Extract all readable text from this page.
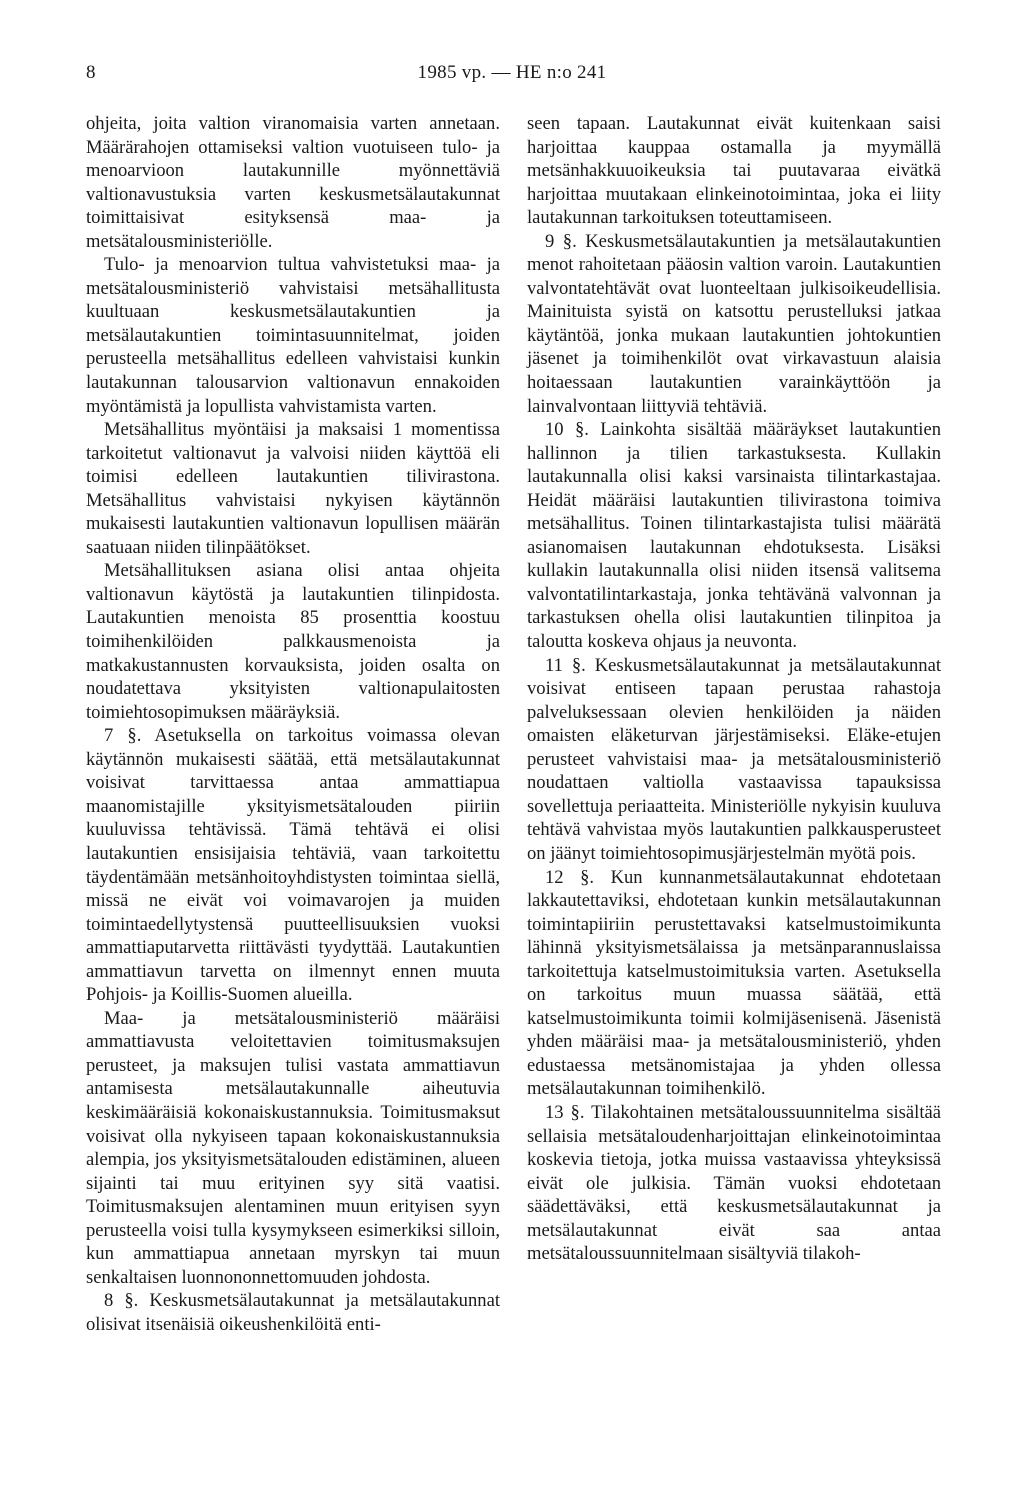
8	1985 vp. — HE n:o 241

ohjeita, joita valtion viranomaisia varten annetaan. Määrärahojen ottamiseksi valtion vuotuiseen tulo- ja menoarvioon lautakunnille myönnettäviä valtionavustuksia varten keskusmetsälautakunnat toimittaisivat esityksensä maa- ja metsätalousministeriölle.

Tulo- ja menoarvion tultua vahvistetuksi maa- ja metsätalousministeriö vahvistaisi metsähallitusta kuultuaan keskusmetsälautakuntien ja metsälautakuntien toimintasuunnitelmat, joiden perusteella metsähallitus edelleen vahvistaisi kunkin lautakunnan talousarvion valtionavun ennakoiden myöntämistä ja lopullista vahvistamista varten.

Metsähallitus myöntäisi ja maksaisi 1 momentissa tarkoitetut valtionavut ja valvoisi niiden käyttöä eli toimisi edelleen lautakuntien tilivirastona. Metsähallitus vahvistaisi nykyisen käytännön mukaisesti lautakuntien valtionavun lopullisen määrän saatuaan niiden tilinpäätökset.

Metsähallituksen asiana olisi antaa ohjeita valtionavun käytöstä ja lautakuntien tilinpidosta. Lautakuntien menoista 85 prosenttia koostuu toimihenkilöiden palkkausmenoista ja matkakustannusten korvauksista, joiden osalta on noudatettava yksityisten valtionapulaitosten toimiehtosopimuksen määräyksiä.

7 §. Asetuksella on tarkoitus voimassa olevan käytännön mukaisesti säätää, että metsälautakunnat voisivat tarvittaessa antaa ammattiapua maanomistajille yksityismetsätalouden piiriin kuuluvissa tehtävissä. Tämä tehtävä ei olisi lautakuntien ensisijaisia tehtäviä, vaan tarkoitettu täydentämään metsänhoitoyhdistysten toimintaa siellä, missä ne eivät voi voimavarojen ja muiden toimintaedellytystensä puutteellisuuksien vuoksi ammattiaputarvetta riittävästi tyydyttää. Lautakuntien ammattiavun tarvetta on ilmennyt ennen muuta Pohjois- ja Koillis-Suomen alueilla.

Maa- ja metsätalousministeriö määräisi ammattiavusta veloitettavien toimitusmaksujen perusteet, ja maksujen tulisi vastata ammattiavun antamisesta metsälautakunnalle aiheutuvia keskimääräisiä kokonaiskustannuksia. Toimitusmaksut voisivat olla nykyiseen tapaan kokonaiskustannuksia alempia, jos yksityismetsätalouden edistäminen, alueen sijainti tai muu erityinen syy sitä vaatisi. Toimitusmaksujen alentaminen muun erityisen syyn perusteella voisi tulla kysymykseen esimerkiksi silloin, kun ammattiapua annetaan myrskyn tai muun senkaltaisen luonnononnettomuuden johdosta.

8 §. Keskusmetsälautakunnat ja metsälautakunnat olisivat itsenäisiä oikeushenkilöitä enti-

seen tapaan. Lautakunnat eivät kuitenkaan saisi harjoittaa kauppaa ostamalla ja myymällä metsänhakkuuoikeuksia tai puutavaraa eivätkä harjoittaa muutakaan elinkeinotoimintaa, joka ei liity lautakunnan tarkoituksen toteuttamiseen.

9 §. Keskusmetsälautakuntien ja metsälautakuntien menot rahoitetaan pääosin valtion varoin. Lautakuntien valvontatehtävät ovat luonteeltaan julkisoikeudellisia. Mainituista syistä on katsottu perustelluksi jatkaa käytäntöä, jonka mukaan lautakuntien johtokuntien jäsenet ja toimihenkilöt ovat virkavastuun alaisia hoitaessaan lautakuntien varainkäyttöön ja lainvalvontaan liittyviä tehtäviä.

10 §. Lainkohta sisältää määräykset lautakuntien hallinnon ja tilien tarkastuksesta. Kullakin lautakunnalla olisi kaksi varsinaista tilintarkastajaa. Heidät määräisi lautakuntien tilivirastona toimiva metsähallitus. Toinen tilintarkastajista tulisi määrätä asianomaisen lautakunnan ehdotuksesta. Lisäksi kullakin lautakunnalla olisi niiden itsensä valitsema valvontatilintarkastaja, jonka tehtävänä valvonnan ja tarkastuksen ohella olisi lautakuntien tilinpitoa ja taloutta koskeva ohjaus ja neuvonta.

11 §. Keskusmetsälautakunnat ja metsälautakunnat voisivat entiseen tapaan perustaa rahastoja palveluksessaan olevien henkilöiden ja näiden omaisten eläketurvan järjestämiseksi. Eläke-etujen perusteet vahvistaisi maa- ja metsätalousministeriö noudattaen valtiolla vastaavissa tapauksissa sovellettuja periaatteita. Ministeriölle nykyisin kuuluva tehtävä vahvistaa myös lautakuntien palkkausperusteet on jäänyt toimiehtosopimusjärjestelmän myötä pois.

12 §. Kun kunnanmetsälautakunnat ehdotetaan lakkautettaviksi, ehdotetaan kunkin metsälautakunnan toimintapiiriin perustettavaksi katselmustoimikunta lähinnä yksityismetsälaissa ja metsänparannuslaissa tarkoitettuja katselmustoimituksia varten. Asetuksella on tarkoitus muun muassa säätää, että katselmustoimikunta toimii kolmijäsenisenä. Jäsenistä yhden määräisi maa- ja metsätalousministeriö, yhden edustaessa metsänomistajaa ja yhden ollessa metsälautakunnan toimihenkilö.

13 §. Tilakohtainen metsätaloussuunnitelma sisältää sellaisia metsätaloudenharjoittajan elinkeinotoimintaa koskevia tietoja, jotka muissa vastaavissa yhteyksissä eivät ole julkisia. Tämän vuoksi ehdotetaan säädettäväksi, että keskusmetsälautakunnat ja metsälautakunnat eivät saa antaa metsätaloussuunnitelmaan sisältyviä tilakoh-
